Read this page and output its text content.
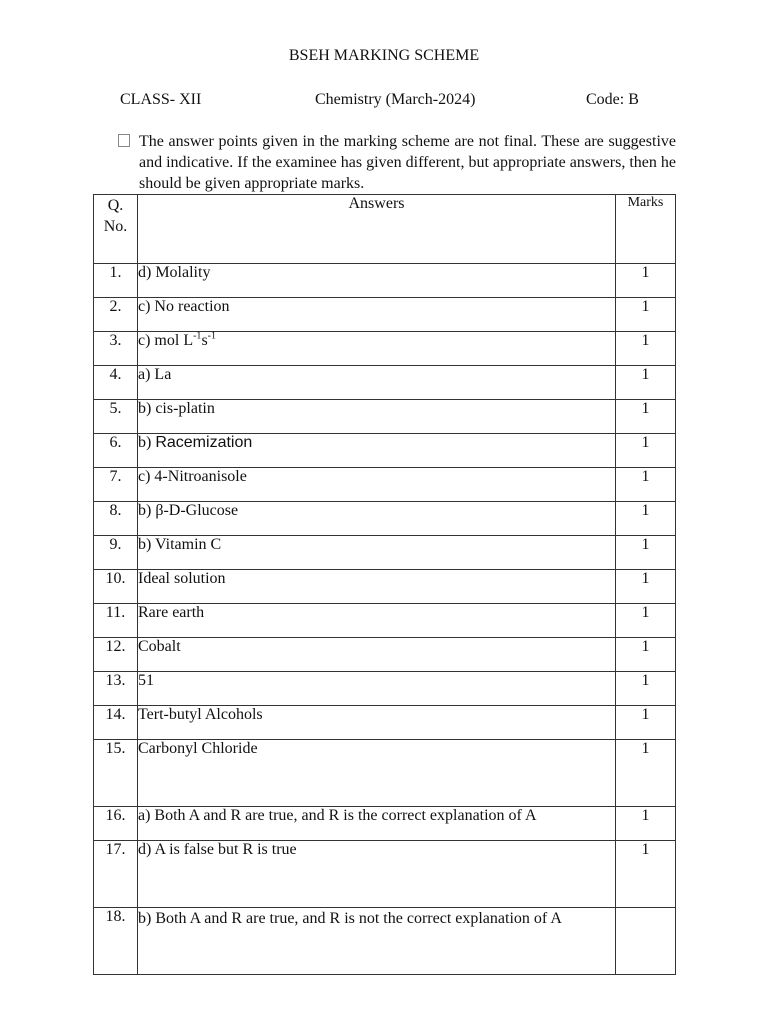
BSEH MARKING SCHEME
CLASS- XII	Chemistry (March-2024)	Code: B
The answer points given in the marking scheme are not final. These are suggestive and indicative. If the examinee has given different, but appropriate answers, then he should be given appropriate marks.
Q. No.	Answers	Marks
1.	d) Molality	1
2.	c) No reaction	1
3.	c) mol $L^{-1}s^{-1}$	1
4.	a) La	1
5.	b) cis-platin	1
6.	b) Racemization	1
7.	c) 4-Nitroanisole	1
8.	b) β-D-Glucose	1
9.	b) Vitamin C	1
10.	Ideal solution	1
11.	Rare earth	1
12.	Cobalt	1
13.	51	1
14.	Tert-butyl Alcohols	1
15.	Carbonyl Chloride	1
16.	a) Both A and R are true, and R is the correct explanation of A	1
17.	d) A is false but R is true	1
18.	b) Both A and R are true, and R is not the correct explanation of A	
